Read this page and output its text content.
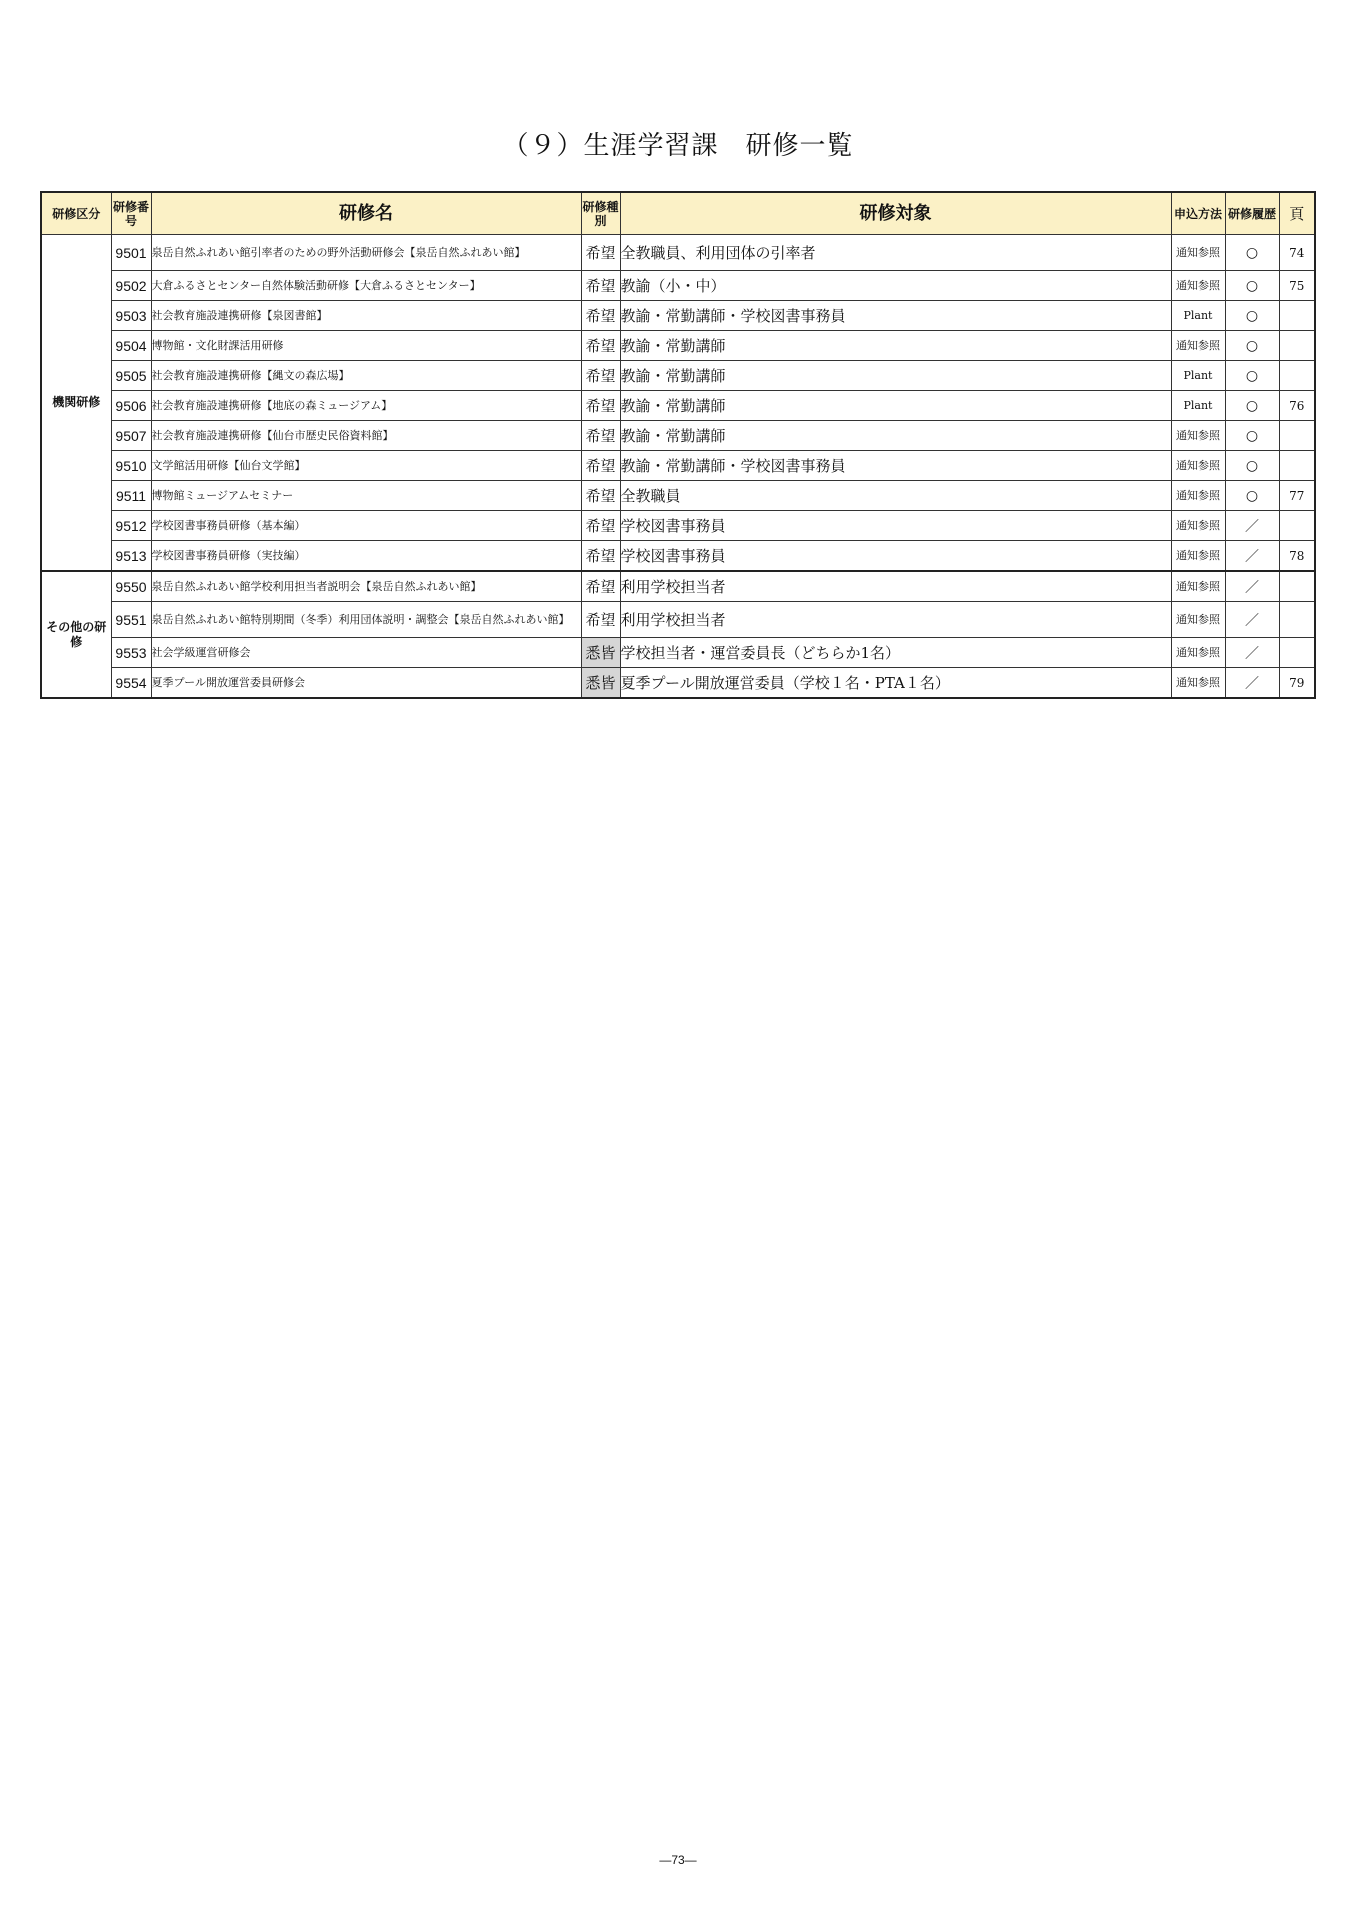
（９）生涯学習課　研修一覧
研修区分	研修番号	研修名	研修種別	研修対象	申込方法	研修履歴	頁
機関研修	9501	泉岳自然ふれあい館引率者のための野外活動研修会【泉岳自然ふれあい館】	希望	全教職員、利用団体の引率者	通知参照	○	74
	9502	大倉ふるさとセンター自然体験活動研修【大倉ふるさとセンター】	希望	教諭（小・中）	通知参照	○	75
	9503	社会教育施設連携研修【泉図書館】	希望	教諭・常勤講師・学校図書事務員	Plant	○	
	9504	博物館・文化財課活用研修	希望	教諭・常勤講師	通知参照	○	
	9505	社会教育施設連携研修【縄文の森広場】	希望	教諭・常勤講師	Plant	○	
	9506	社会教育施設連携研修【地底の森ミュージアム】	希望	教諭・常勤講師	Plant	○	76
	9507	社会教育施設連携研修【仙台市歴史民俗資料館】	希望	教諭・常勤講師	通知参照	○	
	9510	文学館活用研修【仙台文学館】	希望	教諭・常勤講師・学校図書事務員	通知参照	○	
	9511	博物館ミュージアムセミナー	希望	全教職員	通知参照	○	77
	9512	学校図書事務員研修（基本編）	希望	学校図書事務員	通知参照	／	
	9513	学校図書事務員研修（実技編）	希望	学校図書事務員	通知参照	／	78
その他の研修	9550	泉岳自然ふれあい館学校利用担当者説明会【泉岳自然ふれあい館】	希望	利用学校担当者	通知参照	／	
	9551	泉岳自然ふれあい館特別期間（冬季）利用団体説明・調整会【泉岳自然ふれあい館】	希望	利用学校担当者	通知参照	／	
	9553	社会学級運営研修会	悉皆	学校担当者・運営委員長（どちらか1名）	通知参照	／	
	9554	夏季プール開放運営委員研修会	悉皆	夏季プール開放運営委員（学校１名・PTA１名）	通知参照	／	79
―73―
